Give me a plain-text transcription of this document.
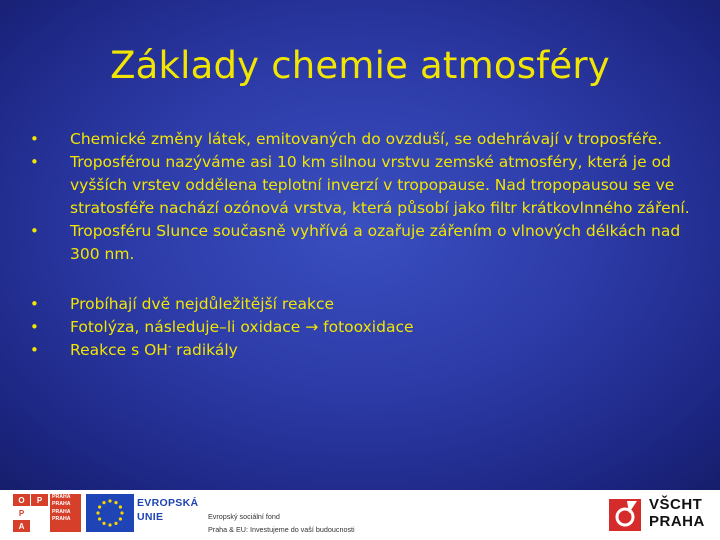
Základy chemie atmosféry
•
Chemické změny látek, emitovaných do ovzduší, se odehrávají v troposféře.
•
Troposférou nazýváme asi 10 km silnou vrstvu zemské atmosféry, která je od vyšších vrstev oddělena teplotní inverzí v tropopause. Nad tropopausou se ve stratosféře nachází ozónová vrstva, která působí jako filtr krátkovlnného záření.
•
Troposféru Slunce současně vyhřívá a ozařuje zářením o vlnových délkách nad 300 nm.
•
Probíhají dvě nejdůležitější reakce
•
Fotolýza, následuje–li oxidace → fotooxidace
•
Reakce s OH- radikály
O	P
P
A
PRAHA
PRAHA
PRAHA
PRAHA
EVROPSKÁ
UNIE	Evropský sociální fond
Praha & EU: Investujeme do vaší budoucnosti
VŠCHT
PRAHA
